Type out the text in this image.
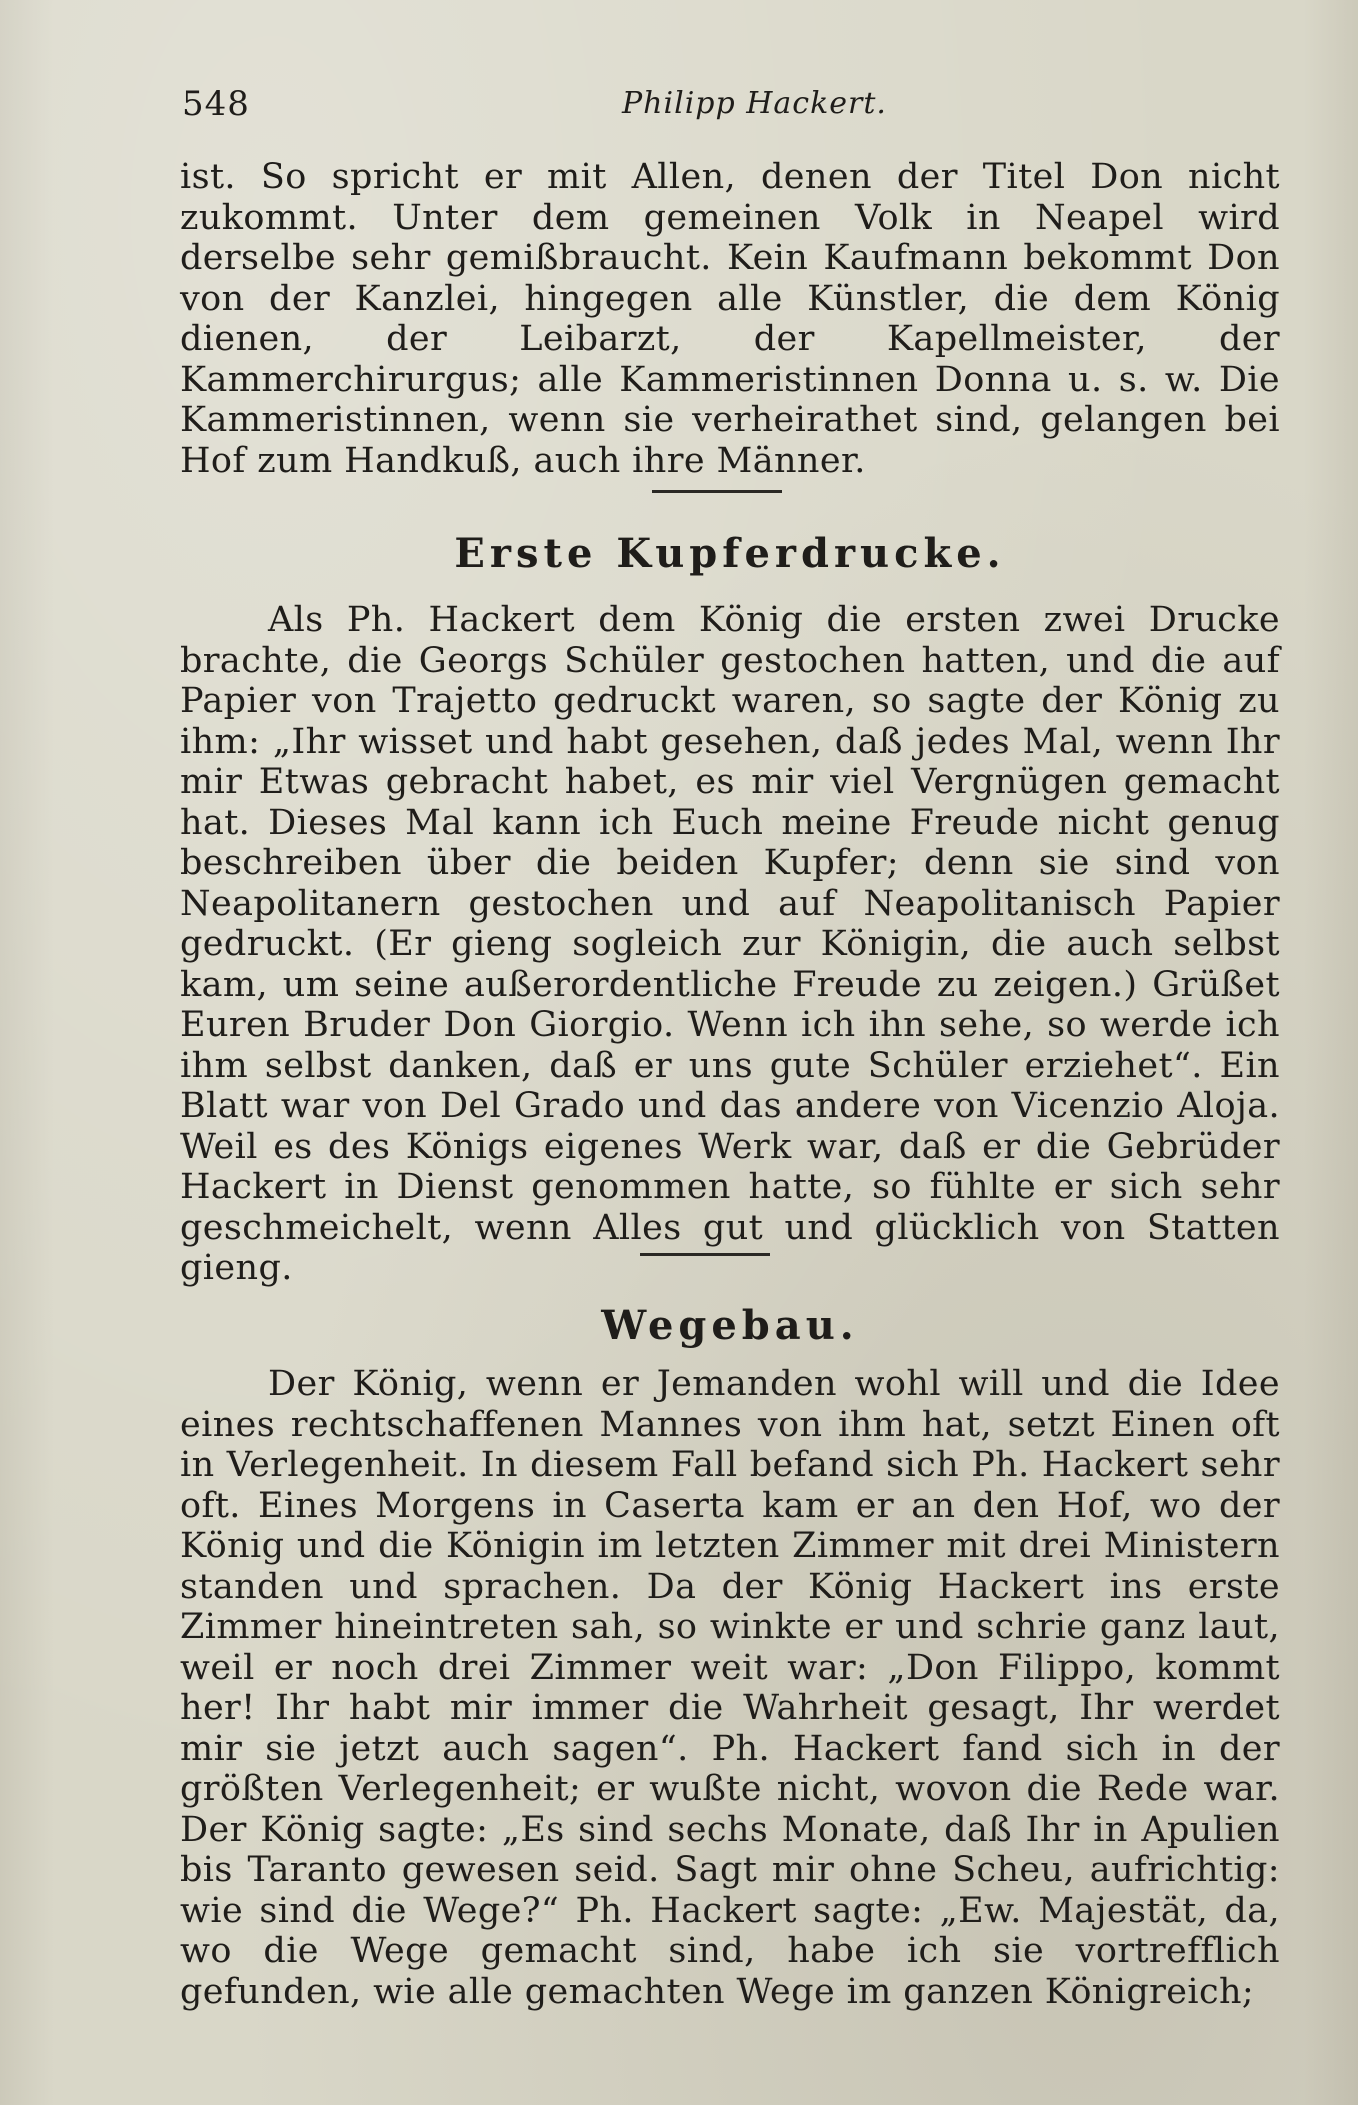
548	Philipp Hackert.

ist. So spricht er mit Allen, denen der Titel Don nicht zukommt. Unter dem gemeinen Volk in Neapel wird derselbe sehr gemißbraucht. Kein Kaufmann bekommt Don von der Kanzlei, hingegen alle Künstler, die dem König dienen, der Leibarzt, der Kapellmeister, der Kammerchirurgus; alle Kammeristinnen Donna u. s. w. Die Kammeristinnen, wenn sie verheirathet sind, gelangen bei Hof zum Handkuß, auch ihre Männer.

Erste Kupferdrucke.

Als Ph. Hackert dem König die ersten zwei Drucke brachte, die Georgs Schüler gestochen hatten, und die auf Papier von Trajetto gedruckt waren, so sagte der König zu ihm: „Ihr wisset und habt gesehen, daß jedes Mal, wenn Ihr mir Etwas gebracht habet, es mir viel Vergnügen gemacht hat. Dieses Mal kann ich Euch meine Freude nicht genug beschreiben über die beiden Kupfer; denn sie sind von Neapolitanern gestochen und auf Neapolitanisch Papier gedruckt. (Er gieng sogleich zur Königin, die auch selbst kam, um seine außerordentliche Freude zu zeigen.) Grüßet Euren Bruder Don Giorgio. Wenn ich ihn sehe, so werde ich ihm selbst danken, daß er uns gute Schüler erziehet“. Ein Blatt war von Del Grado und das andere von Vicenzio Aloja. Weil es des Königs eigenes Werk war, daß er die Gebrüder Hackert in Dienst genommen hatte, so fühlte er sich sehr geschmeichelt, wenn Alles gut und glücklich von Statten gieng.

Wegebau.

Der König, wenn er Jemanden wohl will und die Idee eines rechtschaffenen Mannes von ihm hat, setzt Einen oft in Verlegenheit. In diesem Fall befand sich Ph. Hackert sehr oft. Eines Morgens in Caserta kam er an den Hof, wo der König und die Königin im letzten Zimmer mit drei Ministern standen und sprachen. Da der König Hackert ins erste Zimmer hineintreten sah, so winkte er und schrie ganz laut, weil er noch drei Zimmer weit war: „Don Filippo, kommt her! Ihr habt mir immer die Wahrheit gesagt, Ihr werdet mir sie jetzt auch sagen“. Ph. Hackert fand sich in der größten Verlegenheit; er wußte nicht, wovon die Rede war. Der König sagte: „Es sind sechs Monate, daß Ihr in Apulien bis Taranto gewesen seid. Sagt mir ohne Scheu, aufrichtig: wie sind die Wege?“ Ph. Hackert sagte: „Ew. Majestät, da, wo die Wege gemacht sind, habe ich sie vortrefflich gefunden, wie alle gemachten Wege im ganzen Königreich;
